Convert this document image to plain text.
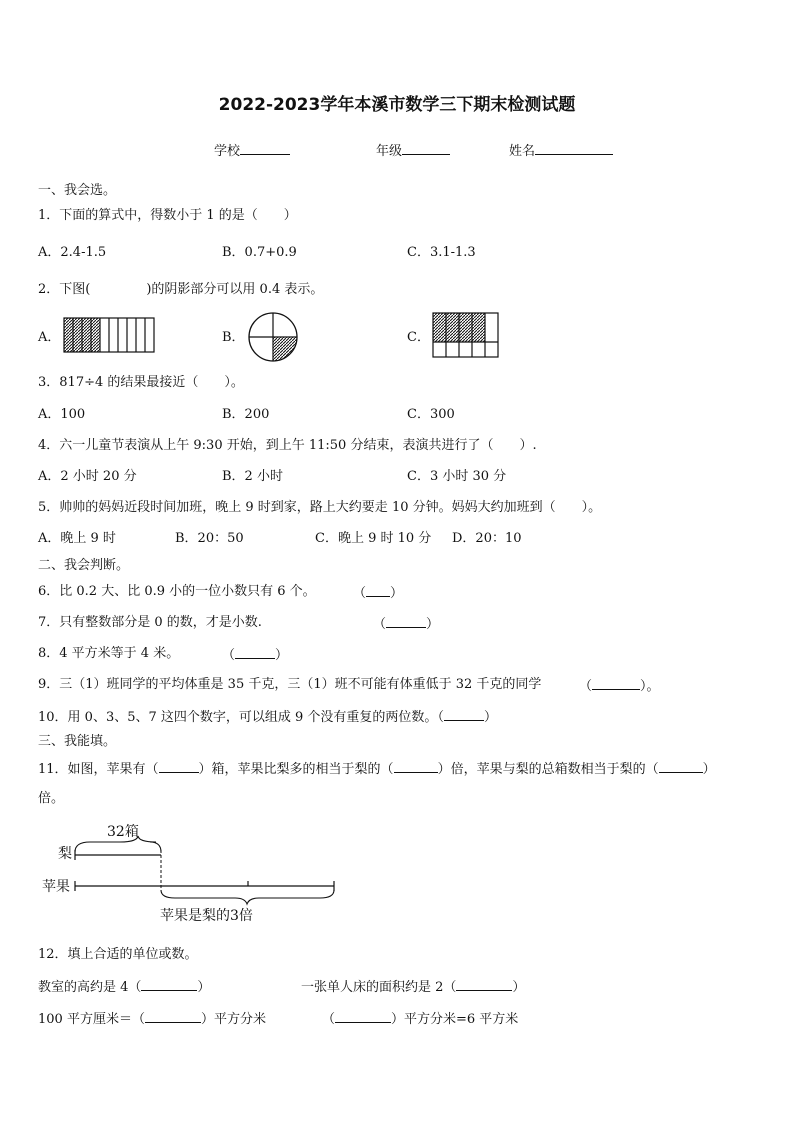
2022-2023学年本溪市数学三下期末检测试题
学校	年级	姓名
一、我会选。
1．下面的算式中，得数小于 1 的是（　　）
A．2.4-1.5	B．0.7+0.9	C．3.1-1.3
2．下图(	)的阴影部分可以用 0.4 表示。
A．	B．	C．
3．817÷4 的结果最接近（　　）。
A．100	B．200	C．300
4．六一儿童节表演从上午 9:30 开始，到上午 11:50 分结束，表演共进行了（　　）.
A．2 小时 20 分	B．2 小时	C．3 小时 30 分
5．帅帅的妈妈近段时间加班，晚上 9 时到家，路上大约要走 10 分钟。妈妈大约加班到（　　）。
A．晚上 9 时	B．20：50	C．晚上 9 时 10 分 D．20：10
二、我会判断。
6．比 0.2 大、比 0.9 小的一位小数只有 6 个。	（ ）
7．只有整数部分是 0 的数，才是小数.	（	）
8．4 平方米等于 4 米。	（	）
9．三（1）班同学的平均体重是 35 千克，三（1）班不可能有体重低于 32 千克的同学	（	）。
10．用 0、3、5、7 这四个数字，可以组成 9 个没有重复的两位数。（	）
三、我能填。
11．如图，苹果有（	）箱，苹果比梨多的相当于梨的（	）倍，苹果与梨的总箱数相当于梨的（	）
倍。
32箱
梨
苹果
苹果是梨的3倍
12．填上合适的单位或数。
教室的高约是 4（	）	一张单人床的面积约是 2（	）
100 平方厘米＝（	）平方分米	（	）平方分米=6 平方米
